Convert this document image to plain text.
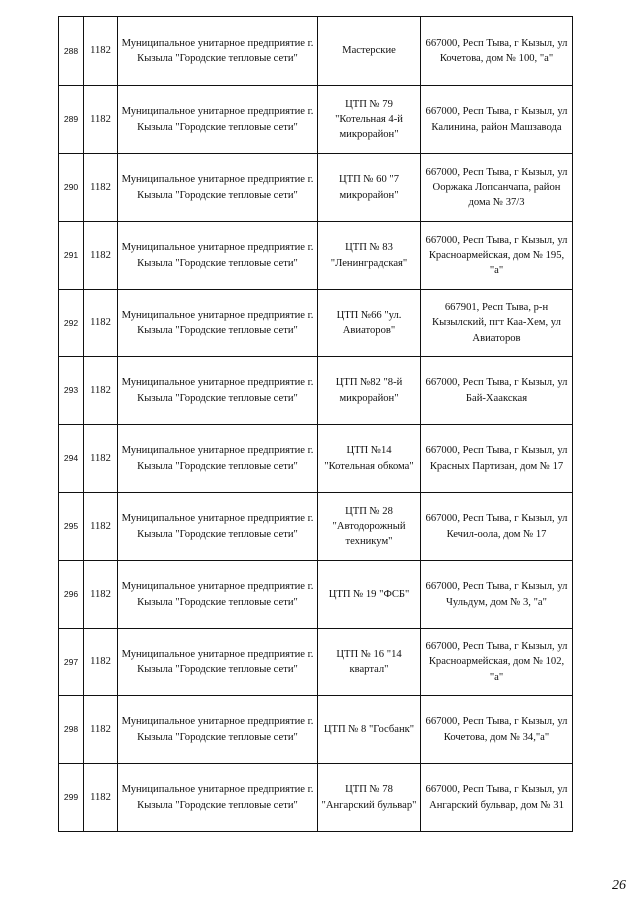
288	1182	Муниципальное унитарное предприятие г. Кызыла "Городские тепловые сети"	Мастерские	667000, Респ Тыва, г Кызыл, ул Кочетова, дом № 100, "а"
289	1182	Муниципальное унитарное предприятие г. Кызыла "Городские тепловые сети"	ЦТП № 79 "Котельная 4-й микрорайон"	667000, Респ Тыва, г Кызыл, ул Калинина, район Машзавода
290	1182	Муниципальное унитарное предприятие г. Кызыла "Городские тепловые сети"	ЦТП № 60 "7 микрорайон"	667000, Респ Тыва, г Кызыл, ул Ооржака Лопсанчапа, район дома № 37/3
291	1182	Муниципальное унитарное предприятие г. Кызыла "Городские тепловые сети"	ЦТП № 83 "Ленинградская"	667000, Респ Тыва, г Кызыл, ул Красноармейская, дом № 195, "а"
292	1182	Муниципальное унитарное предприятие г. Кызыла "Городские тепловые сети"	ЦТП №66 "ул. Авиаторов"	667901, Респ Тыва, р-н Кызылский, пгт Каа-Хем, ул Авиаторов
293	1182	Муниципальное унитарное предприятие г. Кызыла "Городские тепловые сети"	ЦТП №82 "8-й микрорайон"	667000, Респ Тыва, г Кызыл, ул Бай-Хаакская
294	1182	Муниципальное унитарное предприятие г. Кызыла "Городские тепловые сети"	ЦТП №14 "Котельная обкома"	667000, Респ Тыва, г Кызыл, ул Красных Партизан, дом № 17
295	1182	Муниципальное унитарное предприятие г. Кызыла "Городские тепловые сети"	ЦТП № 28 "Автодорожный техникум"	667000, Респ Тыва, г Кызыл, ул Кечил-оола, дом № 17
296	1182	Муниципальное унитарное предприятие г. Кызыла "Городские тепловые сети"	ЦТП № 19 "ФСБ"	667000, Респ Тыва, г Кызыл, ул Чульдум, дом № 3, "а"
297	1182	Муниципальное унитарное предприятие г. Кызыла "Городские тепловые сети"	ЦТП № 16 "14 квартал"	667000, Респ Тыва, г Кызыл, ул Красноармейская, дом № 102, "а"
298	1182	Муниципальное унитарное предприятие г. Кызыла "Городские тепловые сети"	ЦТП № 8 "Госбанк"	667000, Респ Тыва, г Кызыл, ул Кочетова, дом № 34,"а"
299	1182	Муниципальное унитарное предприятие г. Кызыла "Городские тепловые сети"	ЦТП № 78 "Ангарский бульвар"	667000, Респ Тыва, г Кызыл, ул Ангарский бульвар, дом № 31
26
